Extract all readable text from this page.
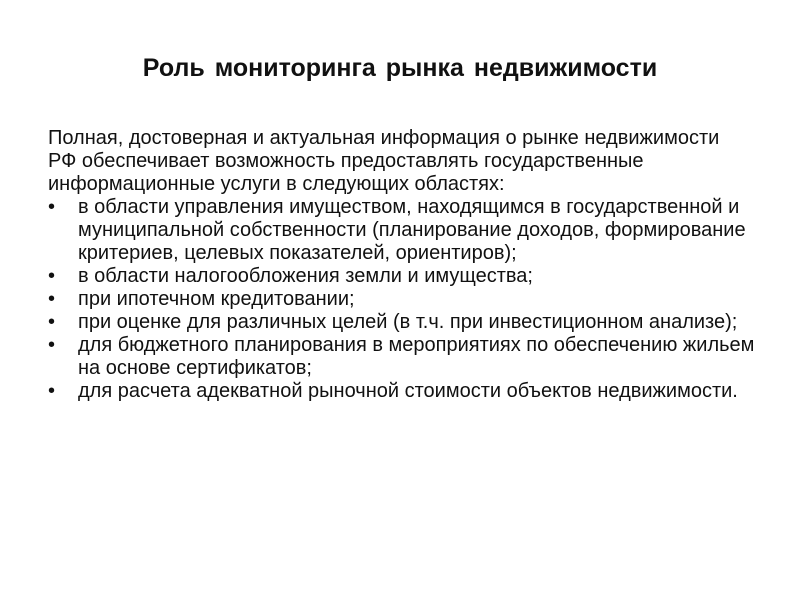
Роль мониторинга рынка недвижимости

Полная, достоверная и актуальная информация о рынке недвижимости РФ обеспечивает возможность предоставлять государственные информационные услуги в следующих областях:

• в области управления имуществом, находящимся в государственной и муниципальной собственности (планирование доходов, формирование критериев, целевых показателей, ориентиров);
• в области налогообложения земли и имущества;
• при ипотечном кредитовании;
• при оценке для различных целей (в т.ч. при инвестиционном анализе);
• для бюджетного планирования в мероприятиях по обеспечению жильем на основе сертификатов;
• для расчета адекватной рыночной стоимости объектов недвижимости.
